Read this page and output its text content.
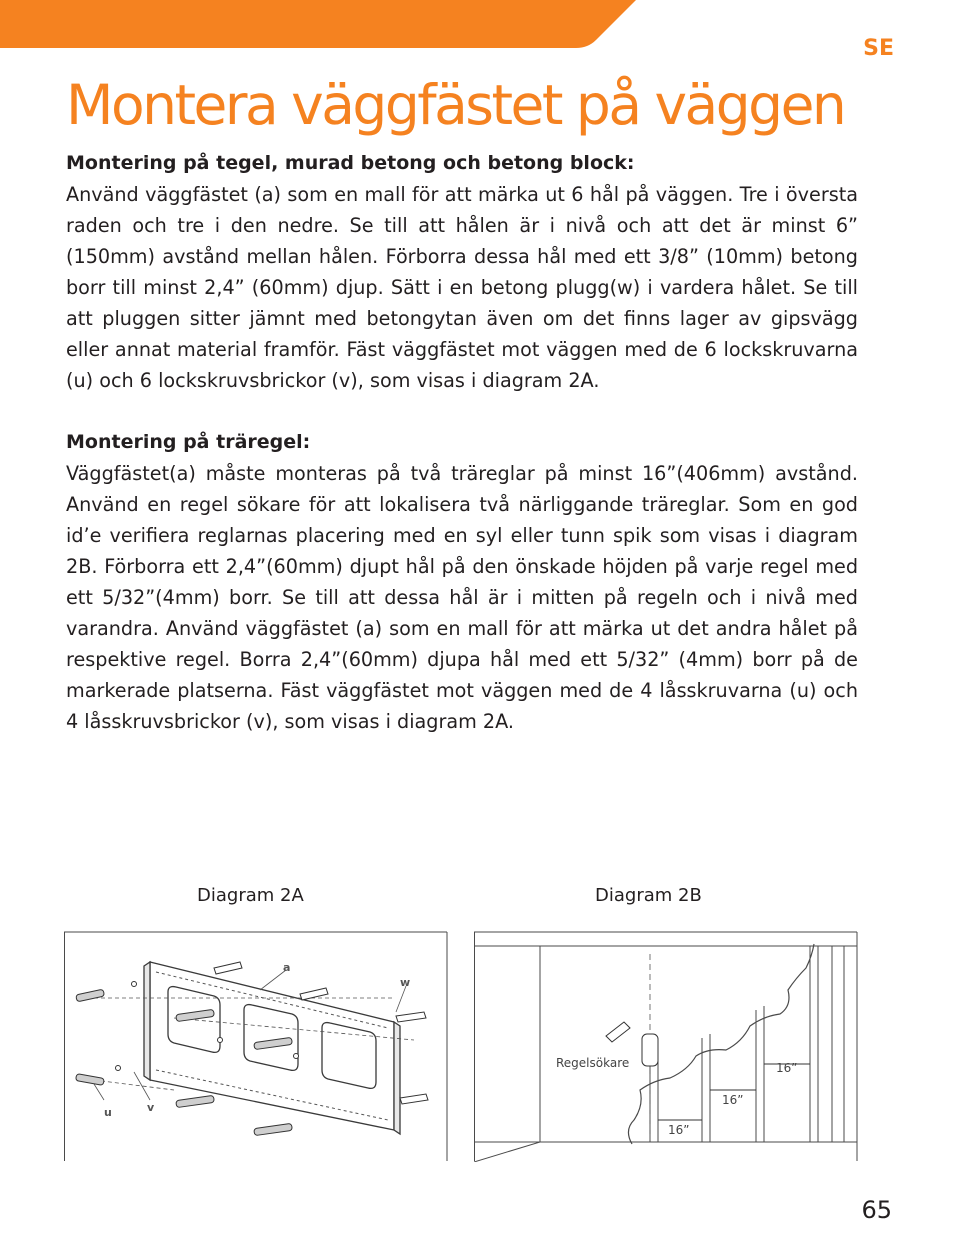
SE
Montera väggfästet på väggen
Montering på tegel, murad betong och betong block:

Använd väggfästet (a) som en mall för att märka ut 6 hål på väggen. Tre i översta raden och tre i den nedre. Se till att hålen är i nivå och att det är minst 6” (150mm) avstånd mellan hålen. Förborra dessa hål med ett 3/8” (10mm) betong borr till minst 2,4” (60mm) djup. Sätt i en betong plugg(w) i vardera hålet. Se till att pluggen sitter jämnt med betongytan även om det finns lager av gipsvägg eller annat material framför. Fäst väggfästet mot väggen med de 6 lockskruvarna (u) och 6 lockskruvsbrickor (v), som visas i diagram 2A.

Montering på träregel:

Väggfästet(a) måste monteras på två träreglar på minst 16”(406mm) avstånd. Använd en regel sökare för att lokalisera två närliggande träreglar. Som en god id’e verifiera reglarnas placering med en syl eller tunn spik som visas i diagram 2B. Förborra ett 2,4”(60mm) djupt hål på den önskade höjden på varje regel med ett 5/32”(4mm) borr. Se till att dessa hål är i mitten på regeln och i nivå med varandra. Använd väggfästet (a) som en mall för att märka ut det andra hålet på respektive regel. Borra 2,4”(60mm) djupa hål med ett 5/32” (4mm) borr på de markerade platserna. Fäst väggfästet mot väggen med de 4 låsskruvarna (u) och 4 låsskruvsbrickor (v), som visas i diagram 2A.

Diagram 2A	Diagram 2B
a
w
u	v
Regelsökare
16”
16”
16”
65
